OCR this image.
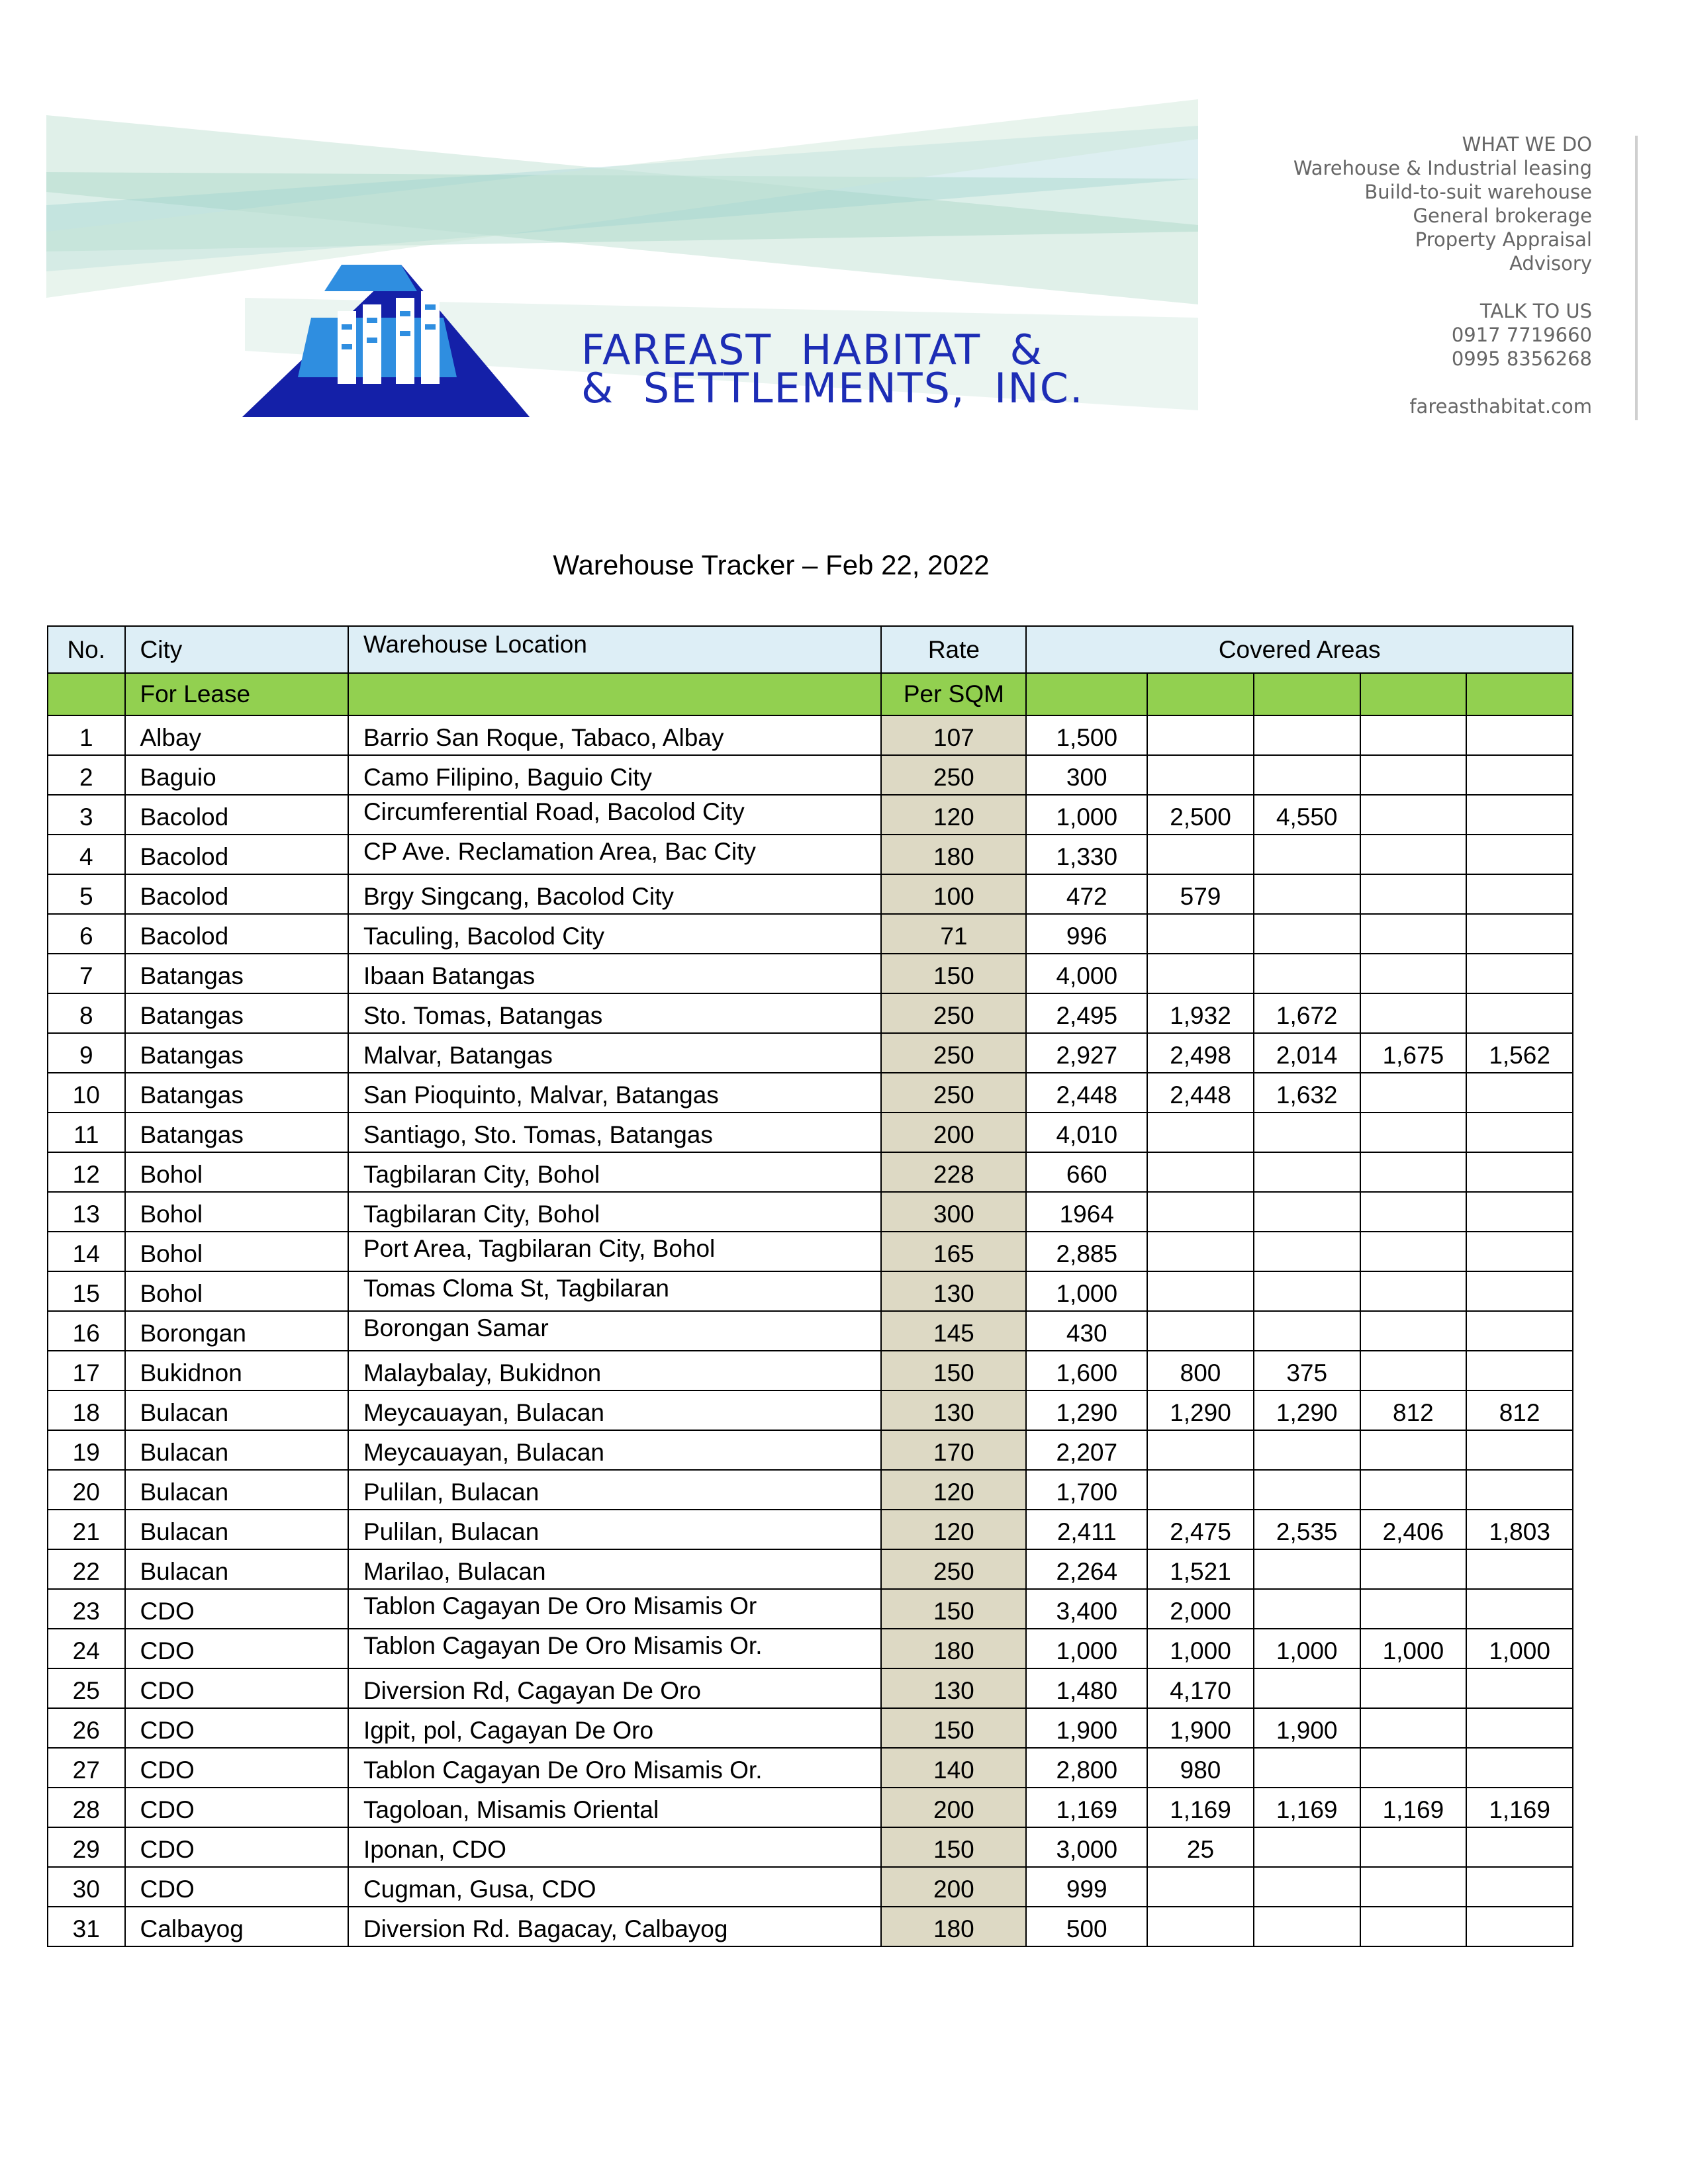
FAREAST  HABITAT  &
&  SETTLEMENTS,  INC.
WHAT WE DO
Warehouse & Industrial leasing
Build-to-suit warehouse
General brokerage
Property Appraisal
Advisory
TALK TO US
0917 7719660
0995 8356268
fareasthabitat.com
Warehouse Tracker – Feb 22, 2022
No.	City	Warehouse Location	Rate	Covered Areas				
	For Lease		Per SQM					
1	Albay	Barrio San Roque, Tabaco, Albay	107	1,500				
2	Baguio	Camo Filipino, Baguio City	250	300				
3	Bacolod	Circumferential Road, Bacolod City	120	1,000	2,500	4,550		
4	Bacolod	CP Ave. Reclamation Area, Bac City	180	1,330				
5	Bacolod	Brgy Singcang, Bacolod City	100	472	579			
6	Bacolod	Taculing, Bacolod City	71	996				
7	Batangas	Ibaan Batangas	150	4,000				
8	Batangas	Sto. Tomas, Batangas	250	2,495	1,932	1,672		
9	Batangas	Malvar, Batangas	250	2,927	2,498	2,014	1,675	1,562
10	Batangas	San Pioquinto, Malvar, Batangas	250	2,448	2,448	1,632		
11	Batangas	Santiago, Sto. Tomas, Batangas	200	4,010				
12	Bohol	Tagbilaran City, Bohol	228	660				
13	Bohol	Tagbilaran City, Bohol	300	1964				
14	Bohol	Port Area, Tagbilaran City, Bohol	165	2,885				
15	Bohol	Tomas Cloma St, Tagbilaran	130	1,000				
16	Borongan	Borongan Samar	145	430				
17	Bukidnon	Malaybalay, Bukidnon	150	1,600	800	375		
18	Bulacan	Meycauayan, Bulacan	130	1,290	1,290	1,290	812	812
19	Bulacan	Meycauayan, Bulacan	170	2,207				
20	Bulacan	Pulilan, Bulacan	120	1,700				
21	Bulacan	Pulilan, Bulacan	120	2,411	2,475	2,535	2,406	1,803
22	Bulacan	Marilao, Bulacan	250	2,264	1,521			
23	CDO	Tablon Cagayan De Oro Misamis Or	150	3,400	2,000			
24	CDO	Tablon Cagayan De Oro Misamis Or.	180	1,000	1,000	1,000	1,000	1,000
25	CDO	Diversion Rd, Cagayan De Oro	130	1,480	4,170			
26	CDO	Igpit, pol, Cagayan De Oro	150	1,900	1,900	1,900		
27	CDO	Tablon Cagayan De Oro Misamis Or.	140	2,800	980			
28	CDO	Tagoloan, Misamis Oriental	200	1,169	1,169	1,169	1,169	1,169
29	CDO	Iponan, CDO	150	3,000	25			
30	CDO	Cugman, Gusa, CDO	200	999				
31	Calbayog	Diversion Rd. Bagacay, Calbayog	180	500				
